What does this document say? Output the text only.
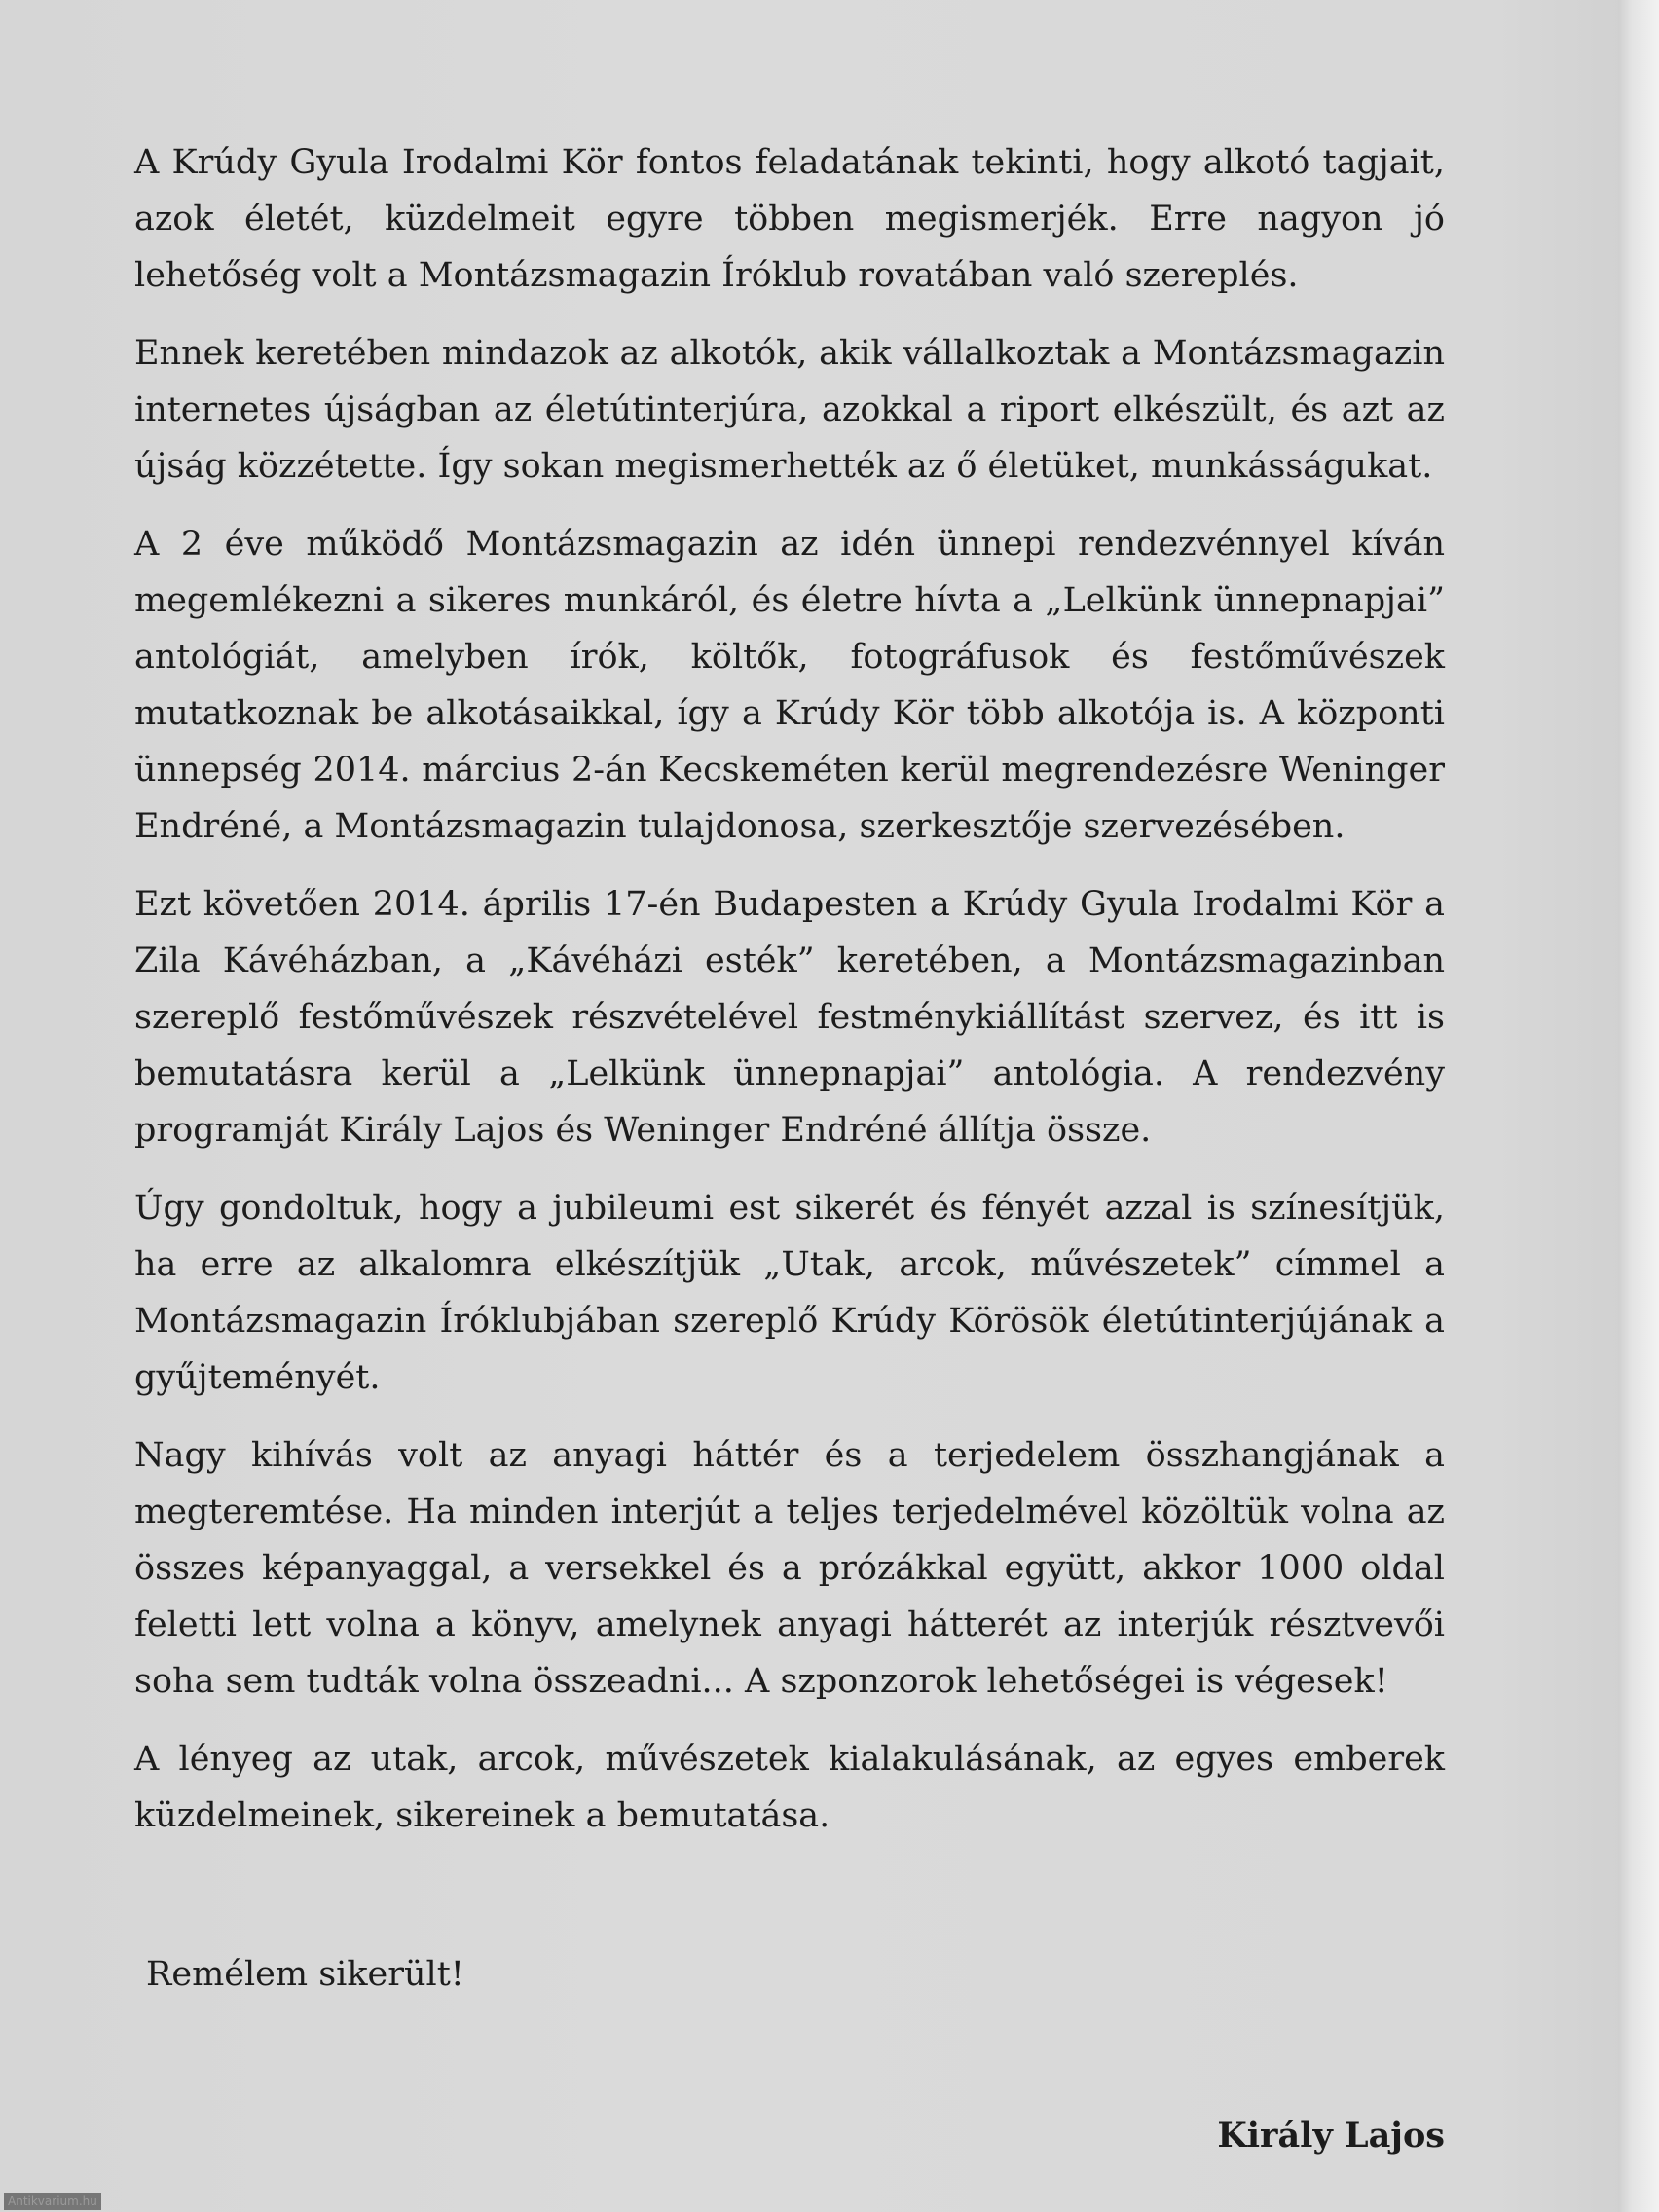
A Krúdy Gyula Irodalmi Kör fontos feladatának tekinti, hogy alkotó tagjait, azok életét, küzdelmeit egyre többen megismerjék. Erre nagyon jó lehetőség volt a Montázsmagazin Íróklub rovatában való szereplés.

Ennek keretében mindazok az alkotók, akik vállalkoztak a Montázsmagazin internetes újságban az életútinterjúra, azokkal a riport elkészült, és azt az újság közzétette. Így sokan megismerhették az ő életüket, munkásságukat.

A 2 éve működő Montázsmagazin az idén ünnepi rendezvénnyel kíván megemlékezni a sikeres munkáról, és életre hívta a „Lelkünk ünnepnapjai” antológiát, amelyben írók, költők, fotográfusok és festőművészek mutatkoznak be alkotásaikkal, így a Krúdy Kör több alkotója is. A központi ünnepség 2014. március 2-án Kecskeméten kerül megrendezésre Weninger Endréné, a Montázsmagazin tulajdonosa, szerkesztője szervezésében.

Ezt követően 2014. április 17-én Budapesten a Krúdy Gyula Irodalmi Kör a Zila Kávéházban, a „Kávéházi esték” keretében, a Montázsmagazinban szereplő festőművészek részvételével festménykiállítást szervez, és itt is bemutatásra kerül a „Lelkünk ünnepnapjai” antológia. A rendezvény programját Király Lajos és Weninger Endréné állítja össze.

Úgy gondoltuk, hogy a jubileumi est sikerét és fényét azzal is színesítjük, ha erre az alkalomra elkészítjük „Utak, arcok, művészetek” címmel a Montázsmagazin Íróklubjában szereplő Krúdy Körösök életútinterjújának a gyűjteményét.

Nagy kihívás volt az anyagi háttér és a terjedelem összhangjának a megteremtése. Ha minden interjút a teljes terjedelmével közöltük volna az összes képanyaggal, a versekkel és a prózákkal együtt, akkor 1000 oldal feletti lett volna a könyv, amelynek anyagi hátterét az interjúk résztvevői soha sem tudták volna összeadni... A szponzorok lehetőségei is végesek!

A lényeg az utak, arcok, művészetek kialakulásának, az egyes emberek küzdelmeinek, sikereinek a bemutatása.

Remélem sikerült!

Király Lajos

Antikvarium.hu
